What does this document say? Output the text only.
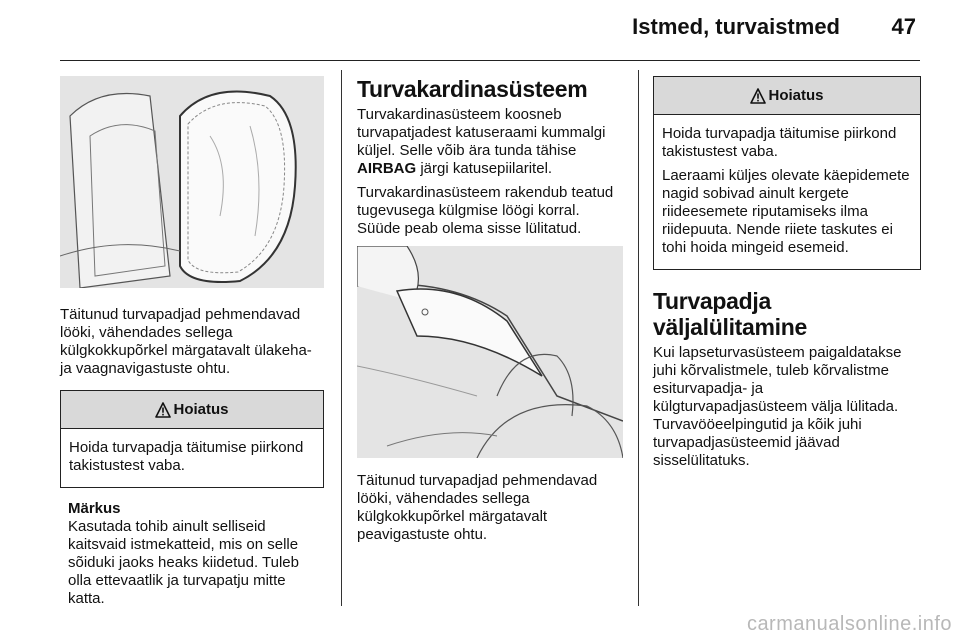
Istmed, turvaistmed 47

Täitunud turvapadjad pehmendavad lööki, vähendades sellega külgkokkupõrkel märgatavalt ülakeha- ja vaagnavigastuste ohtu.

Hoiatus

Hoida turvapadja täitumise piirkond takistustest vaba.

Märkus
Kasutada tohib ainult selliseid kaitsvaid istmekatteid, mis on selle sõiduki jaoks heaks kiidetud. Tuleb olla ettevaatlik ja turvapatju mitte katta.
Turvakardinasüsteem

Turvakardinasüsteem koosneb turvapatjadest katuseraami kummalgi küljel. Selle võib ära tunda tähise AIRBAG järgi katusepiilaritel.

Turvakardinasüsteem rakendub teatud tugevusega külgmise löögi korral. Süüde peab olema sisse lülitatud.

Täitunud turvapadjad pehmendavad lööki, vähendades sellega külgkokkupõrkel märgatavalt peavigastuste ohtu.

Hoiatus

Hoida turvapadja täitumise piirkond takistustest vaba.

Laeraami küljes olevate käepidemete nagid sobivad ainult kergete riideesemete riputamiseks ilma riidepuuta. Nende riiete taskutes ei tohi hoida mingeid esemeid.

Turvapadja väljalülitamine

Kui lapseturvasüsteem paigaldatakse juhi kõrvalistmele, tuleb kõrvalistme esiturvapadja- ja külgturvapadjasüsteem välja lülitada. Turvavööeelpingutid ja kõik juhi turvapadjasüsteemid jäävad sisselülitatuks.

carmanualsonline.info
